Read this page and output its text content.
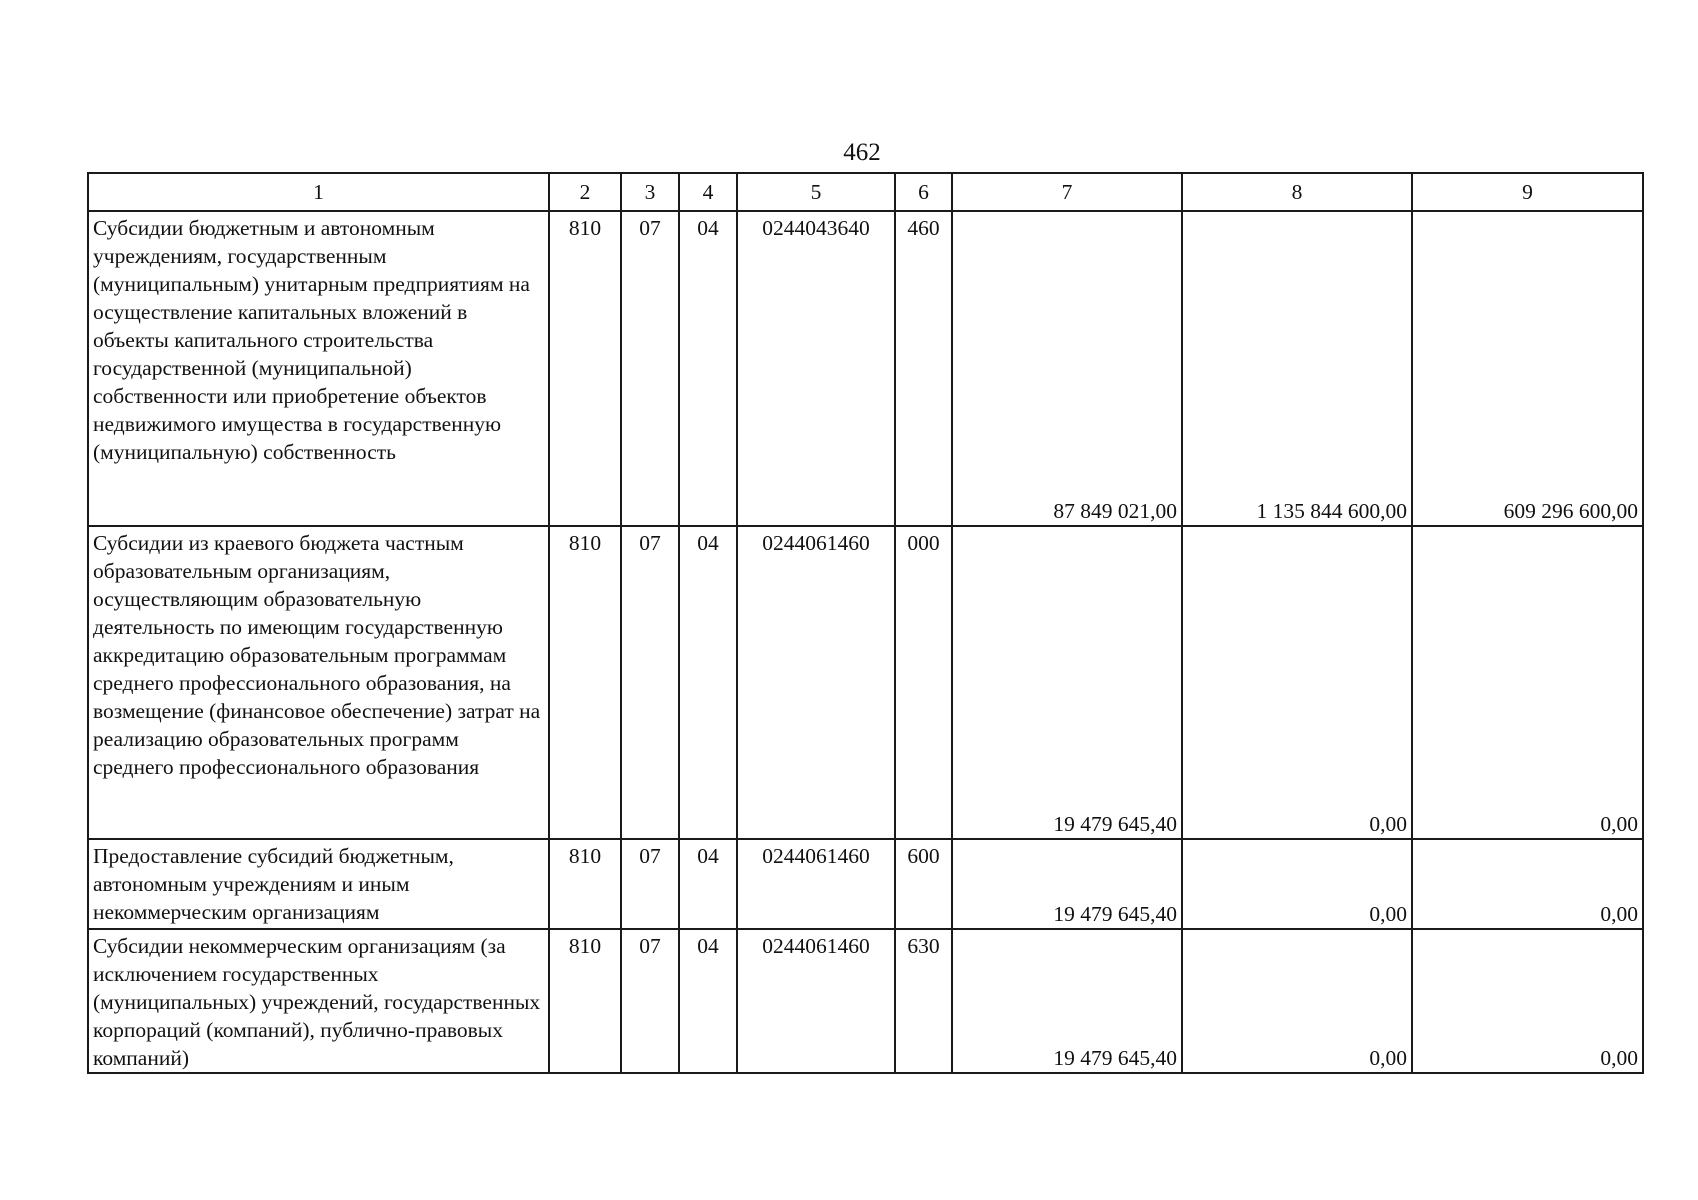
462
1	2	3	4	5	6	7	8	9
Субсидии бюджетным и автономным учреждениям, государственным (муниципальным) унитарным предприятиям на осуществление капитальных вложений в объекты капитального строительства государственной (муниципальной) собственности или приобретение объектов недвижимого имущества в государственную (муниципальную) собственность	810	07	04	0244043640	460	87 849 021,00	1 135 844 600,00	609 296 600,00
Субсидии из краевого бюджета частным образовательным организациям, осуществляющим образовательную деятельность по имеющим государственную аккредитацию образовательным программам среднего профессионального образования, на возмещение (финансовое обеспечение) затрат на реализацию образовательных программ среднего профессионального образования	810	07	04	0244061460	000	19 479 645,40	0,00	0,00
Предоставление субсидий бюджетным, автономным учреждениям и иным некоммерческим организациям	810	07	04	0244061460	600	19 479 645,40	0,00	0,00
Субсидии некоммерческим организациям (за исключением государственных (муниципальных) учреждений, государственных корпораций (компаний), публично-правовых компаний)	810	07	04	0244061460	630	19 479 645,40	0,00	0,00
